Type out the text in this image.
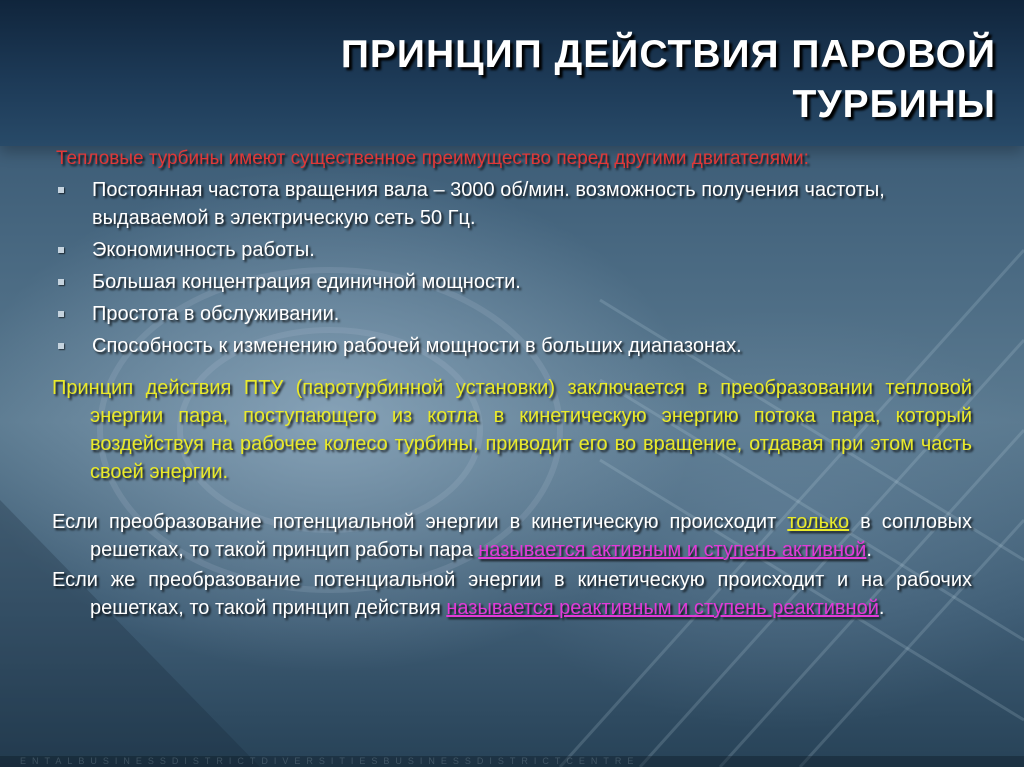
ПРИНЦИП ДЕЙСТВИЯ ПАРОВОЙ
ТУРБИНЫ

Тепловые турбины имеют существенное преимущество перед другими двигателями:

Постоянная частота вращения вала – 3000 об/мин. возможность получения частоты, выдаваемой в электрическую сеть 50 Гц.
Экономичность работы.
Большая концентрация единичной мощности.
Простота в обслуживании.
Способность к изменению рабочей мощности в больших диапазонах.

Принцип действия ПТУ (паротурбинной установки) заключается в преобразовании тепловой энергии пара, поступающего из котла в кинетическую энергию потока пара, который воздействуя на рабочее колесо турбины, приводит его во вращение, отдавая при этом часть своей энергии.

Если преобразование потенциальной энергии в кинетическую происходит только в сопловых решетках, то такой принцип работы пара называется активным и ступень активной.

Если же преобразование потенциальной энергии в кинетическую происходит и на рабочих решетках, то такой принцип действия называется реактивным и ступень реактивной.

ENTALBUSINESSDISTRICTDIVERSITIESBUSINESSDISTRICTCENTRE
